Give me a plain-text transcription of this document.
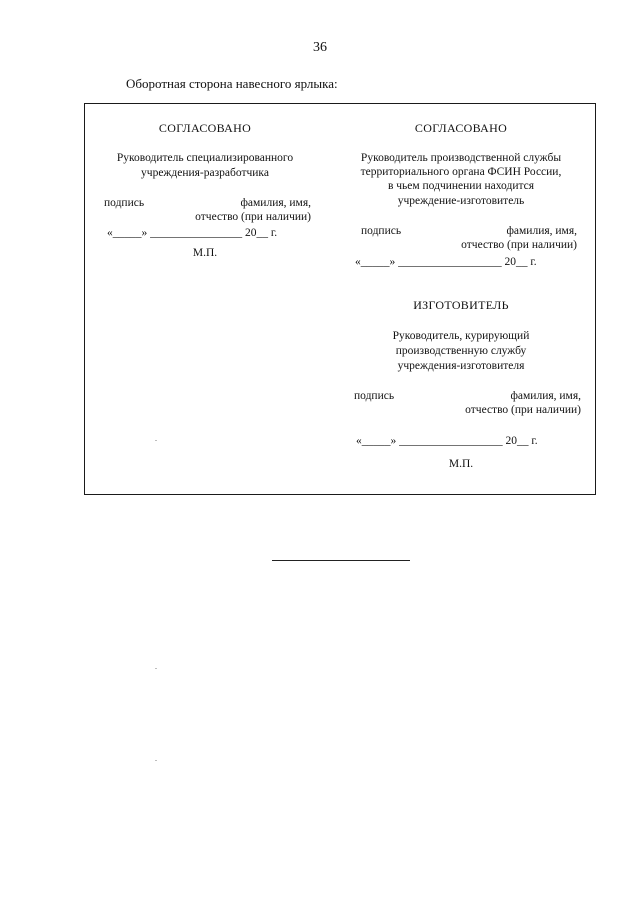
36
Оборотная сторона навесного ярлыка:
СОГЛАСОВАНО
Руководитель специализированного
учреждения-разработчика
подпись	фамилия, имя,
отчество (при наличии)
«_____» ________________ 20__ г.
М.П.
СОГЛАСОВАНО
Руководитель производственной службы
территориального органа ФСИН России,
в чьем подчинении находится
учреждение-изготовитель
подпись	фамилия, имя,
отчество (при наличии)
«_____» __________________ 20__ г.
ИЗГОТОВИТЕЛЬ
Руководитель, курирующий
производственную службу
учреждения-изготовителя
подпись	фамилия, имя,
отчество (при наличии)
«_____» __________________ 20__ г.
М.П.
